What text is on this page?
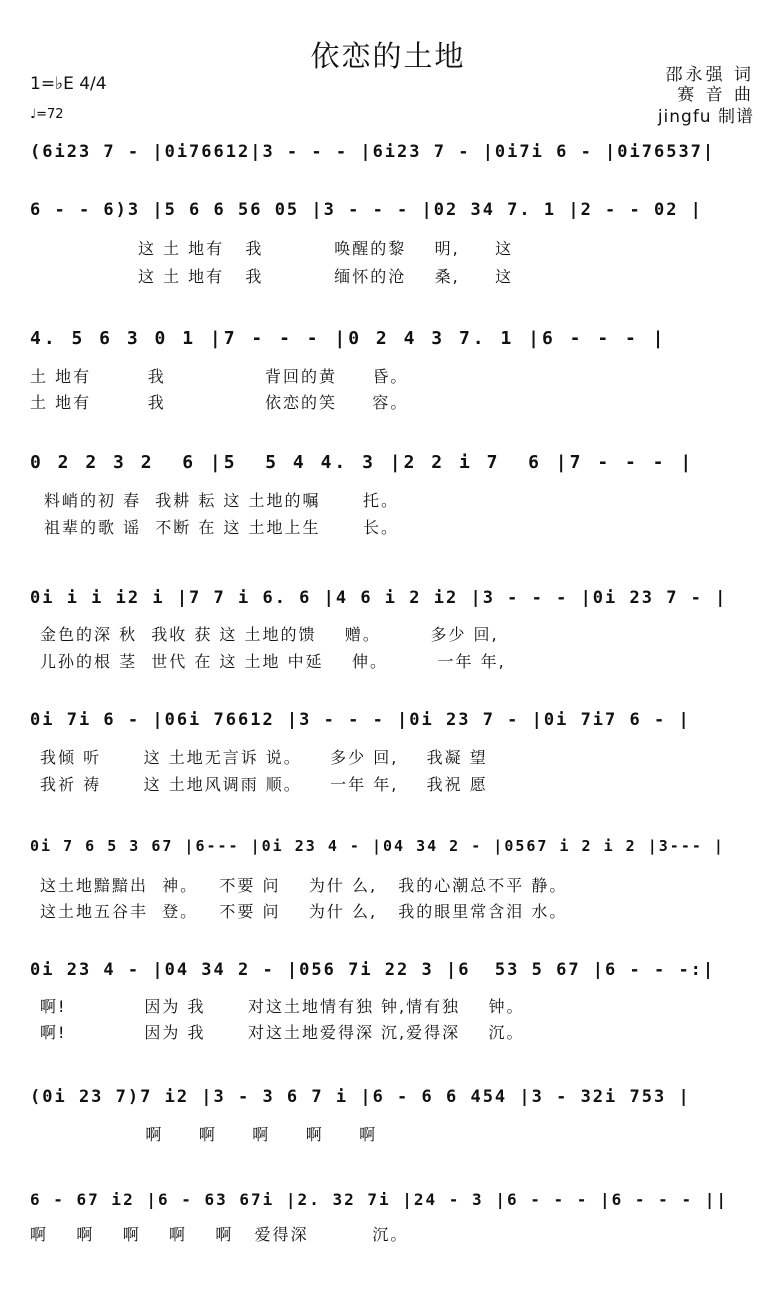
依恋的土地
邵永强 词
赛 音 曲
jingfu 制谱
1=♭E 4/4
♩=72
(6i23 7 - |0i76612|3 - - - |6i23 7 - |0i7i 6 - |0i76537|
6 - - 6)3 |5 6 6 56 05 |3 - - - |02 34 7. 1 |2 - - 02 |
这 土 地有   我          唤醒的黎    明,     这
这 土 地有   我          缅怀的沧    桑,     这
4. 5 6 3 0 1 |7 - - - |0 2 4 3 7. 1 |6 - - - |
土 地有        我              背回的黄     昏。
土 地有        我              依恋的笑     容。
0 2 2 3 2  6 |5  5 4 4. 3 |2 2 i 7  6 |7 - - - |
料峭的初 春  我耕 耘 这 土地的嘱      托。
祖辈的歌 谣  不断 在 这 土地上生      长。
0i i i i2 i |7 7 i 6. 6 |4 6 i 2 i2 |3 - - - |0i 23 7 - |
金色的深 秋  我收 获 这 土地的馈    赠。       多少 回,
儿孙的根 茎  世代 在 这 土地 中延    伸。       一年 年,
0i 7i 6 - |06i 76612 |3 - - - |0i 23 7 - |0i 7i7 6 - |
我倾 听      这 土地无言诉 说。    多少 回,    我凝 望
我祈 祷      这 土地风调雨 顺。    一年 年,    我祝 愿
0i 7 6 5 3 67 |6--- |0i 23 4 - |04 34 2 - |0567 i 2 i 2 |3--- |
这土地黯黯出  神。   不要 问    为什 么,   我的心潮总不平 静。
这土地五谷丰  登。   不要 问    为什 么,   我的眼里常含泪 水。
0i 23 4 - |04 34 2 - |056 7i 22 3 |6  53 5 67 |6 - - -:|
啊!           因为 我      对这土地情有独 钟,情有独    钟。
啊!           因为 我      对这土地爱得深 沉,爱得深    沉。
(0i 23 7)7 i2 |3 - 3 6 7 i |6 - 6 6 454 |3 - 32i 753 |
啊     啊     啊     啊     啊
6 - 67 i2 |6 - 63 67i |2. 32 7i |24 - 3 |6 - - - |6 - - - ||
啊    啊    啊    啊    啊   爱得深         沉。
